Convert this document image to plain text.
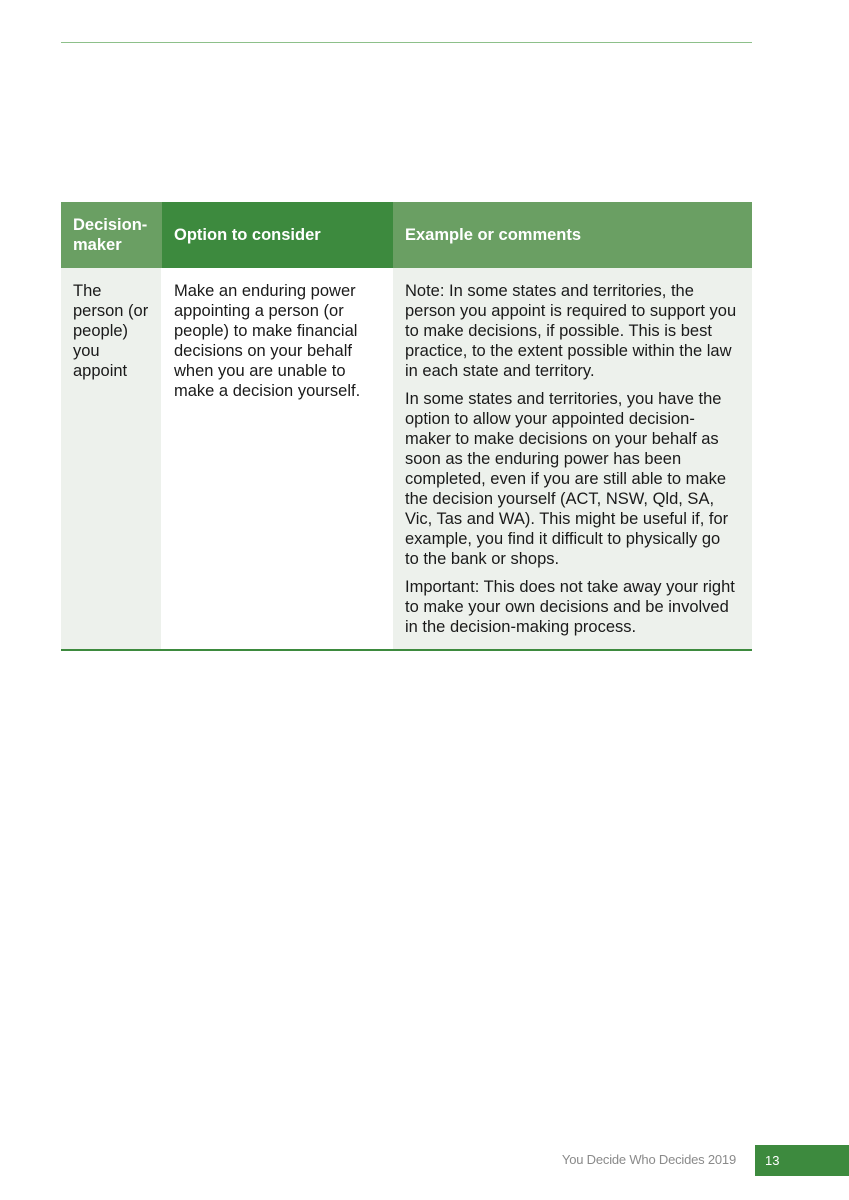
Decision-maker
Option to consider	Example or comments
The person (or people) you appoint
Make an enduring power appointing a person (or people) to make financial decisions on your behalf when you are unable to make a decision yourself.

Note: In some states and territories, the person you appoint is required to support you to make decisions, if possible. This is best practice, to the extent possible within the law in each state and territory.

In some states and territories, you have the option to allow your appointed decision-maker to make decisions on your behalf as soon as the enduring power has been completed, even if you are still able to make the decision yourself (ACT, NSW, Qld, SA, Vic, Tas and WA). This might be useful if, for example, you find it difficult to physically go to the bank or shops.

Important: This does not take away your right to make your own decisions and be involved in the decision-making process.

You Decide Who Decides 2019	13
